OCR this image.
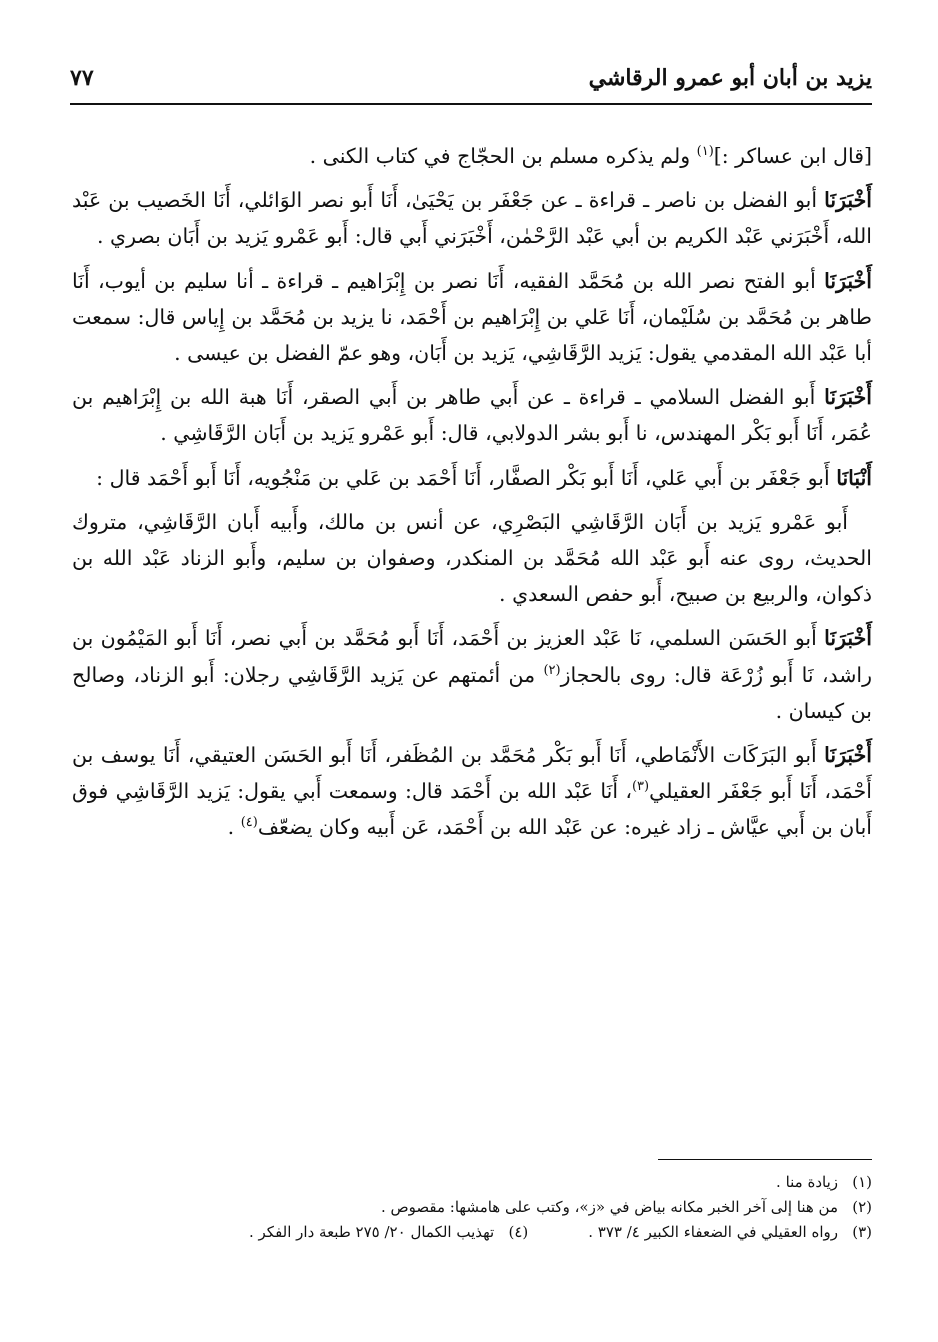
يزيد بن أبان أبو عمرو الرقاشي
٧٧

[قال ابن عساكر :]$^{(١)}$ ولم يذكره مسلم بن الحجّاج في كتاب الكنى .

أَخْبَرَنَا أبو الفضل بن ناصر ـ قراءة ـ عن جَعْفَر بن يَحْيَىٰ، أَنَا أَبو نصر الوَائلي، أَنَا الخَصيب بن عَبْد الله، أَخْبَرَني عَبْد الكريم بن أبي عَبْد الرَّحْمٰن، أَخْبَرَني أَبي قال: أَبو عَمْرو يَزيد بن أَبَان بصري .

أَخْبَرَنَا أبو الفتح نصر الله بن مُحَمَّد الفقيه، أَنَا نصر بن إِبْرَاهيم ـ قراءة ـ أنا سليم بن أيوب، أَنَا طاهر بن مُحَمَّد بن سُلَيْمان، أَنَا عَلي بن إِبْرَاهيم بن أَحْمَد، نا يزيد بن مُحَمَّد بن إِياس قال: سمعت أبا عَبْد الله المقدمي يقول: يَزيد الرَّقَاشِي، يَزيد بن أَبَان، وهو عمّ الفضل بن عيسى .

أَخْبَرَنَا أَبو الفضل السلامي ـ قراءة ـ عن أَبي طاهر بن أَبي الصقر، أَنَا هبة الله بن إِبْرَاهيم بن عُمَر، أَنَا أَبو بَكْر المهندس، نا أَبو بشر الدولابي، قال: أَبو عَمْرو يَزيد بن أَبَان الرَّقَاشِي .

أَنْبَانَا أَبو جَعْفَر بن أَبي عَلي، أَنَا أَبو بَكْر الصفَّار، أَنَا أَحْمَد بن عَلي بن مَنْجُويه، أَنَا أَبو أَحْمَد قال :

أَبو عَمْرو يَزيد بن أَبَان الرَّقَاشِي البَصْرِي، عن أنس بن مالك، وأَبيه أَبان الرَّقَاشِي، متروك الحديث، روى عنه أَبو عَبْد الله مُحَمَّد بن المنكدر، وصفوان بن سليم، وأَبو الزناد عَبْد الله بن ذكوان، والربيع بن صبيح، أَبو حفص السعدي .

أَخْبَرَنَا أَبو الحَسَن السلمي، نَا عَبْد العزيز بن أَحْمَد، أَنَا أَبو مُحَمَّد بن أَبي نصر، أَنَا أَبو المَيْمُون بن راشد، نَا أَبو زُرْعَة قال: روى بالحجاز$^{(٢)}$ من أئمتهم عن يَزيد الرَّقَاشِي رجلان: أَبو الزناد، وصالح بن كيسان .

أَخْبَرَنَا أَبو البَرَكَات الأَنْمَاطي، أَنَا أَبو بَكْر مُحَمَّد بن المُظَفر، أَنَا أَبو الحَسَن العتيقي، أَنَا يوسف بن أَحْمَد، أَنَا أَبو جَعْفَر العقيلي$^{(٣)}$، أَنَا عَبْد الله بن أَحْمَد قال: وسمعت أَبي يقول: يَزيد الرَّقَاشِي فوق أَبان بن أَبي عيَّاش ـ زاد غيره: عن عَبْد الله بن أَحْمَد، عَن أَبيه وكان يضعّف$^{(٤)}$ .

(١)
زيادة منا .
(٢)
من هنا إلى آخر الخبر مكانه بياض في «ز»، وكتب على هامشها: مقصوص .
(٣)
رواه العقيلي في الضعفاء الكبير ٤/ ٣٧٣ .
(٤)
تهذيب الكمال ٢٠/ ٢٧٥ طبعة دار الفكر .
